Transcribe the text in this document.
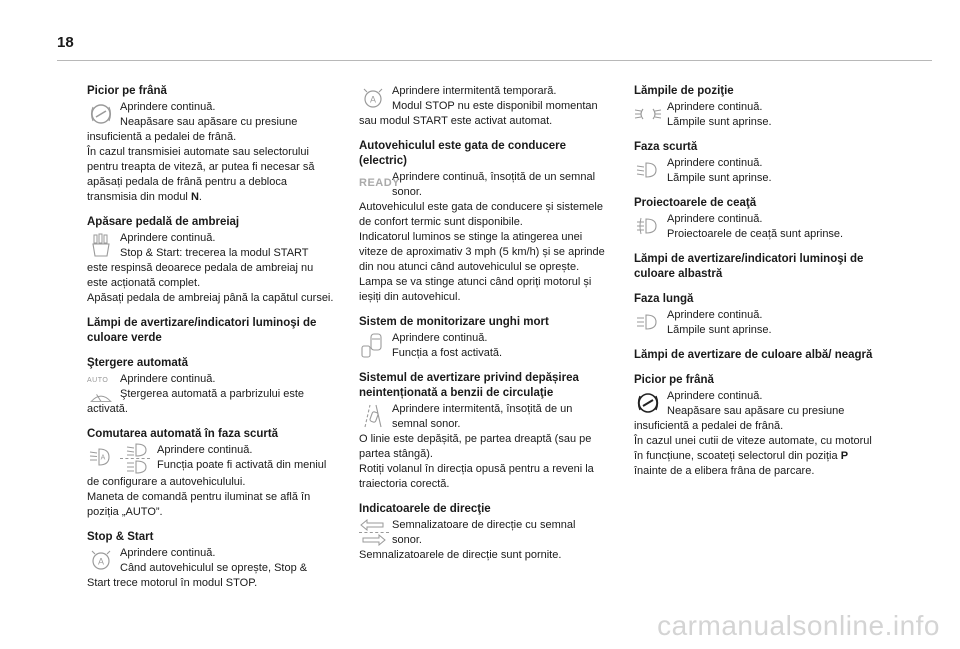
18
Picior pe frână
Aprindere continuă.
Neapăsare sau apăsare cu presiune
insuficientă a pedalei de frână.
În cazul transmisiei automate sau selectorului pentru treapta de viteză, ar putea fi necesar să apăsați pedala de frână pentru a debloca transmisia din modul N.
Apăsare pedală de ambreiaj
Aprindere continuă.
Stop & Start: trecerea la modul START
este respinsă deoarece pedala de ambreiaj nu este acționată complet.
Apăsați pedala de ambreiaj până la capătul cursei.
Lămpi de avertizare/indicatori luminoşi de culoare verde
Ştergere automată
AUTO	Aprindere continuă.
Ştergerea automată a parbrizului este
activată.
Comutarea automată în faza scurtă
A
Aprindere continuă.
Funcția poate fi activată din meniul
de configurare a autovehiculului.
Maneta de comandă pentru iluminat se află în poziția „AUTO”.
Stop & Start
A
Aprindere continuă.
Când autovehiculul se oprește, Stop &
Start trece motorul în modul STOP.
A
Aprindere intermitentă temporară.
Modul STOP nu este disponibil momentan
sau modul START este activat automat.
Autovehiculul este gata de conducere (electric)
READY
Aprindere continuă, însoțită de un semnal
sonor.
Autovehiculul este gata de conducere și sistemele de confort termic sunt disponibile.
Indicatorul luminos se stinge la atingerea unei viteze de aproximativ 3 mph (5 km/h) și se aprinde din nou atunci când autovehiculul se oprește.
Lampa se va stinge atunci când opriți motorul și ieșiți din autovehicul.
Sistem de monitorizare unghi mort
Aprindere continuă.
Funcția a fost activată.
Sistemul de avertizare privind depășirea neintenționată a benzii de circulaţie
Aprindere intermitentă, însoțită de un
semnal sonor.
O linie este depășită, pe partea dreaptă (sau pe partea stângă).
Rotiți volanul în direcția opusă pentru a reveni la traiectoria corectă.
Indicatoarele de direcţie
Semnalizatoare de direcție cu semnal
sonor.
Semnalizatoarele de direcție sunt pornite.
Lămpile de poziţie
Aprindere continuă.
Lămpile sunt aprinse.
Faza scurtă
Aprindere continuă.
Lămpile sunt aprinse.
Proiectoarele de ceaţă
Aprindere continuă.
Proiectoarele de ceață sunt aprinse.
Lămpi de avertizare/indicatori luminoşi de culoare albastră
Faza lungă
Aprindere continuă.
Lămpile sunt aprinse.
Lămpi de avertizare de culoare albă/ neagră
Picior pe frână
Aprindere continuă.
Neapăsare sau apăsare cu presiune
insuficientă a pedalei de frână.
În cazul unei cutii de viteze automate, cu motorul în funcțiune, scoateți selectorul din poziția P
înainte de a elibera frâna de parcare.
carmanualsonline.info
